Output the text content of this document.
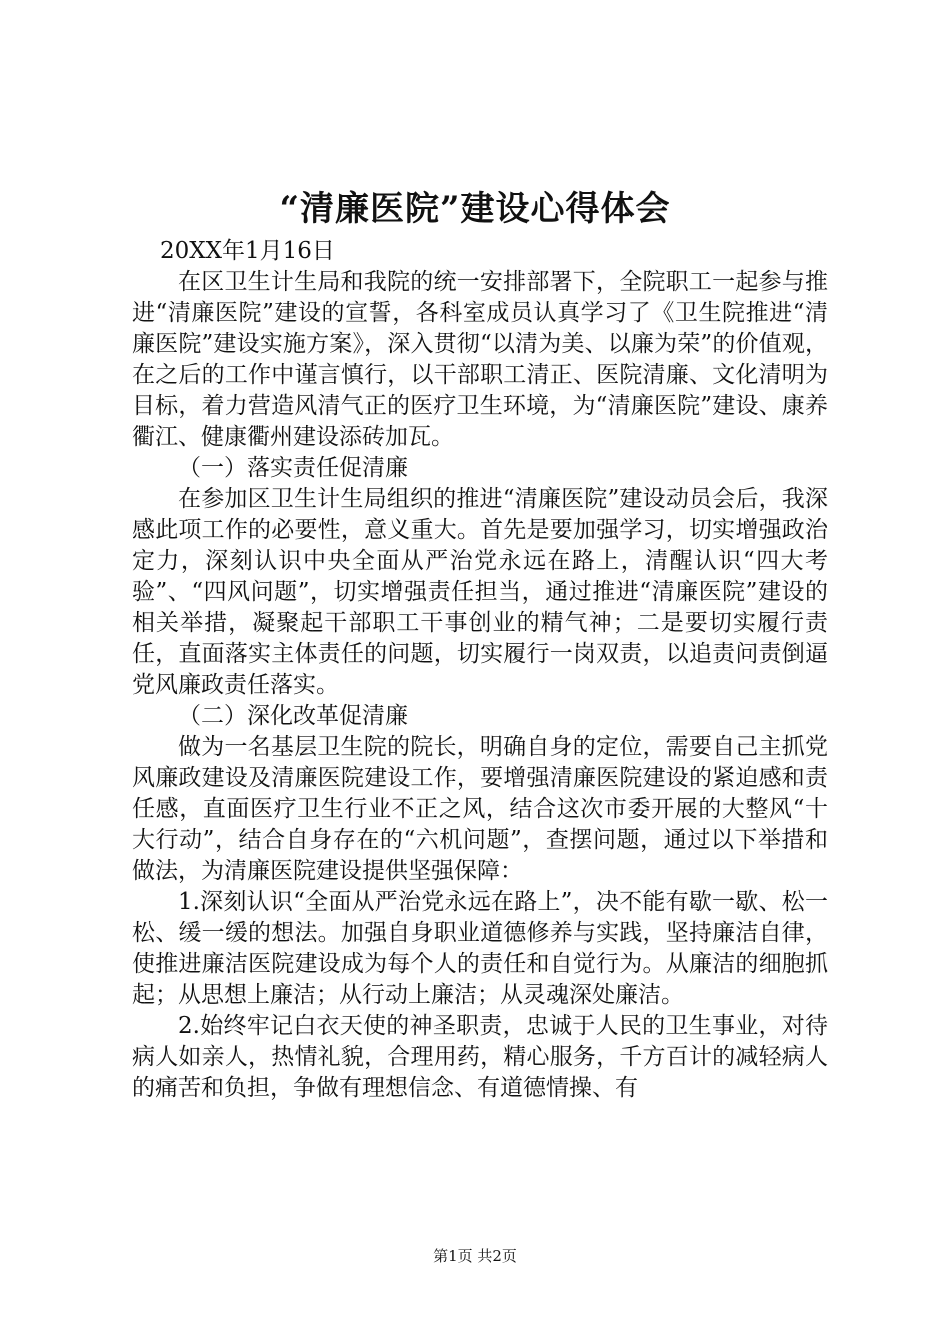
“清廉医院”建设心得体会

20XX年1月16日

在区卫生计生局和我院的统一安排部署下，全院职工一起参与推进“清廉医院”建设的宣誓，各科室成员认真学习了《卫生院推进“清廉医院”建设实施方案》，深入贯彻“以清为美、以廉为荣”的价值观，在之后的工作中谨言慎行，以干部职工清正、医院清廉、文化清明为目标，着力营造风清气正的医疗卫生环境，为“清廉医院”建设、康养衢江、健康衢州建设添砖加瓦。

（一）落实责任促清廉

在参加区卫生计生局组织的推进“清廉医院”建设动员会后，我深感此项工作的必要性，意义重大。首先是要加强学习，切实增强政治定力，深刻认识中央全面从严治党永远在路上，清醒认识“四大考验”、“四风问题”，切实增强责任担当，通过推进“清廉医院”建设的相关举措，凝聚起干部职工干事创业的精气神；二是要切实履行责任，直面落实主体责任的问题，切实履行一岗双责，以追责问责倒逼党风廉政责任落实。

（二）深化改革促清廉

做为一名基层卫生院的院长，明确自身的定位，需要自己主抓党风廉政建设及清廉医院建设工作，要增强清廉医院建设的紧迫感和责任感，直面医疗卫生行业不正之风，结合这次市委开展的大整风“十大行动”，结合自身存在的“六机问题”，查摆问题，通过以下举措和做法，为清廉医院建设提供坚强保障：

1.深刻认识“全面从严治党永远在路上”，决不能有歇一歇、松一松、缓一缓的想法。加强自身职业道德修养与实践，坚持廉洁自律，使推进廉洁医院建设成为每个人的责任和自觉行为。从廉洁的细胞抓起；从思想上廉洁；从行动上廉洁；从灵魂深处廉洁。

2.始终牢记白衣天使的神圣职责，忠诚于人民的卫生事业，对待病人如亲人，热情礼貌，合理用药，精心服务，千方百计的减轻病人的痛苦和负担，争做有理想信念、有道德情操、有

第1页 共2页
